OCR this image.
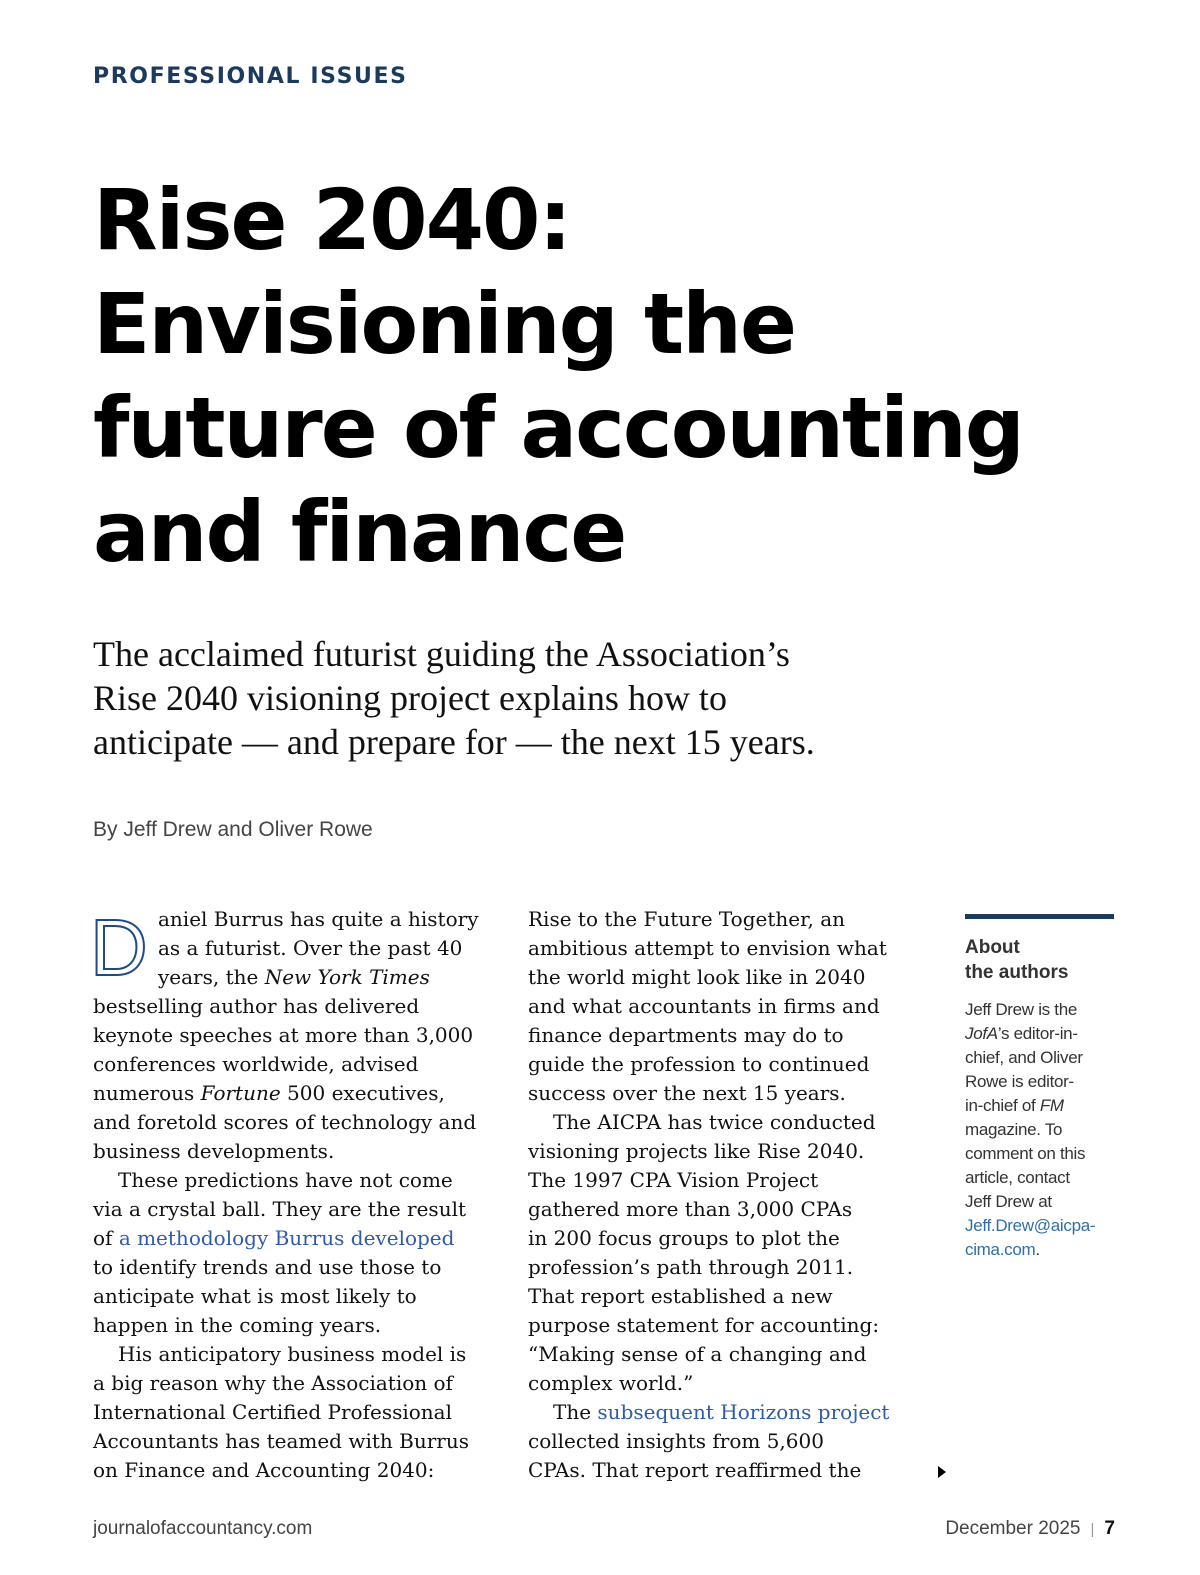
PROFESSIONAL ISSUES
Rise 2040:
Envisioning the
future of accounting
and finance

The acclaimed futurist guiding the Association’s
Rise 2040 visioning project explains how to
anticipate — and prepare for — the next 15 years.

By Jeff Drew and Oliver Rowe
D aniel Burrus has quite a history
as a futurist. Over the past 40
years, the New York Times
bestselling author has delivered
keynote speeches at more than 3,000
conferences worldwide, advised
numerous Fortune 500 executives,
and foretold scores of technology and
business developments.
These predictions have not come
via a crystal ball. They are the result
of a methodology Burrus developed
to identify trends and use those to
anticipate what is most likely to
happen in the coming years.
His anticipatory business model is
a big reason why the Association of
International Certified Professional
Accountants has teamed with Burrus
on Finance and Accounting 2040:
Rise to the Future Together, an
ambitious attempt to envision what
the world might look like in 2040
and what accountants in firms and
finance departments may do to
guide the profession to continued
success over the next 15 years.
The AICPA has twice conducted
visioning projects like Rise 2040.
The 1997 CPA Vision Project
gathered more than 3,000 CPAs
in 200 focus groups to plot the
profession’s path through 2011.
That report established a new
purpose statement for accounting:
“Making sense of a changing and
complex world.”
The subsequent Horizons project
collected insights from 5,600
CPAs. That report reaffirmed the
About
the authors
Jeff Drew is the
JofA’s editor-in-
chief, and Oliver
Rowe is editor-
in-chief of FM
magazine. To
comment on this
article, contact
Jeff Drew at
Jeff.Drew@aicpa-
cima.com.
journalofaccountancy.com	December 2025 | 7
